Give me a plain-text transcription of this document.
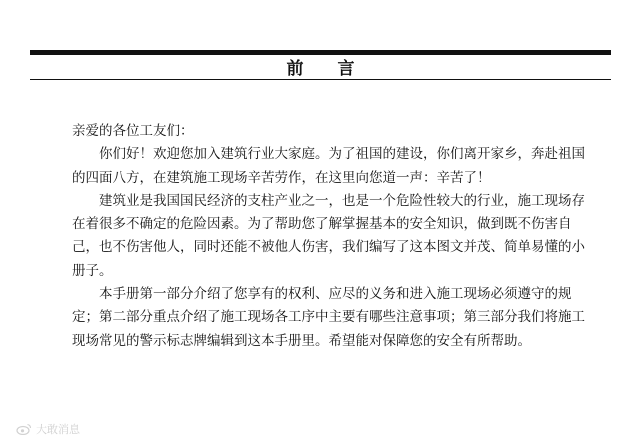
前 言

亲爱的各位工友们：

你们好！欢迎您加入建筑行业大家庭。为了祖国的建设，你们离开家乡，奔赴祖国的四面八方，在建筑施工现场辛苦劳作，在这里向您道一声：辛苦了！

建筑业是我国国民经济的支柱产业之一，也是一个危险性较大的行业，施工现场存在着很多不确定的危险因素。为了帮助您了解掌握基本的安全知识，做到既不伤害自己，也不伤害他人，同时还能不被他人伤害，我们编写了这本图文并茂、简单易懂的小册子。

本手册第一部分介绍了您享有的权利、应尽的义务和进入施工现场必须遵守的规定；第二部分重点介绍了施工现场各工序中主要有哪些注意事项；第三部分我们将施工现场常见的警示标志牌编辑到这本手册里。希望能对保障您的安全有所帮助。

大敢消息
